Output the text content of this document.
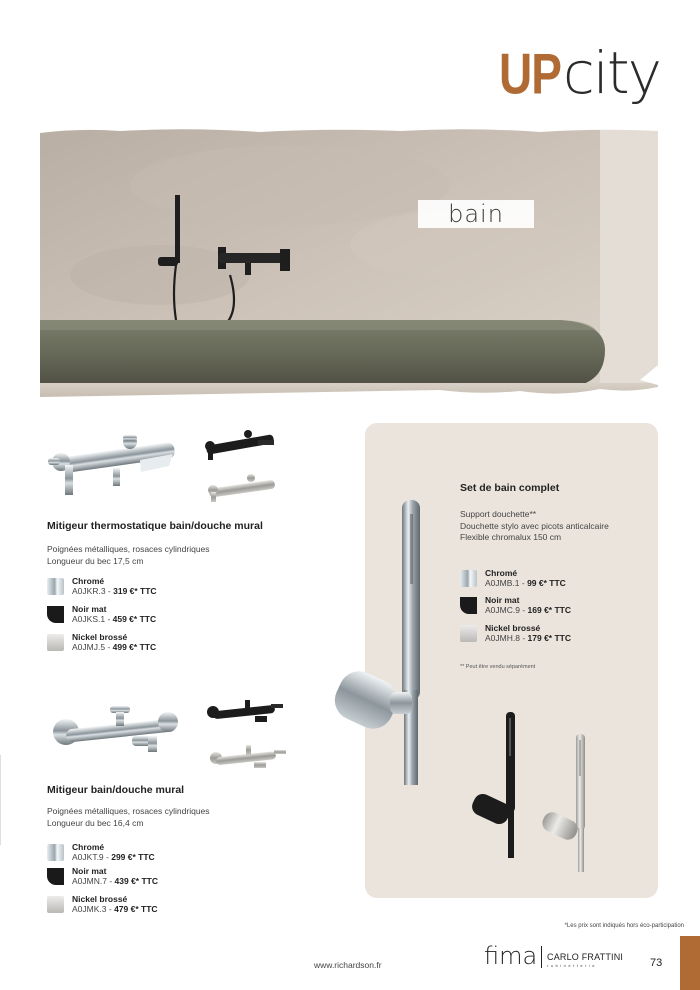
UP city
bain
Mitigeur thermostatique bain/douche mural
Poignées métalliques, rosaces cylindriques
Longueur du bec 17,5 cm
Chromé
A0JKR.3 - 319 €* TTC
Noir mat
A0JKS.1 - 459 €* TTC
Nickel brossé
A0JMJ.5 - 499 €* TTC
Mitigeur bain/douche mural
Poignées métalliques, rosaces cylindriques
Longueur du bec 16,4 cm
Chromé
A0JKT.9 - 299 €* TTC
Noir mat
A0JMN.7 - 439 €* TTC
Nickel brossé
A0JMK.3 - 479 €* TTC
Set de bain complet
Support douchette**
Douchette stylo avec picots anticalcaire
Flexible chromalux 150 cm
Chromé
A0JMB.1 - 99 €* TTC
Noir mat
A0JMC.9 - 169 €* TTC
Nickel brossé
A0JMH.8 - 179 €* TTC
** Peut être vendu séparément
*Les prix sont indiqués hors éco-participation
www.richardson.fr	fima CARLO FRATTINI
rubinetterie	73
